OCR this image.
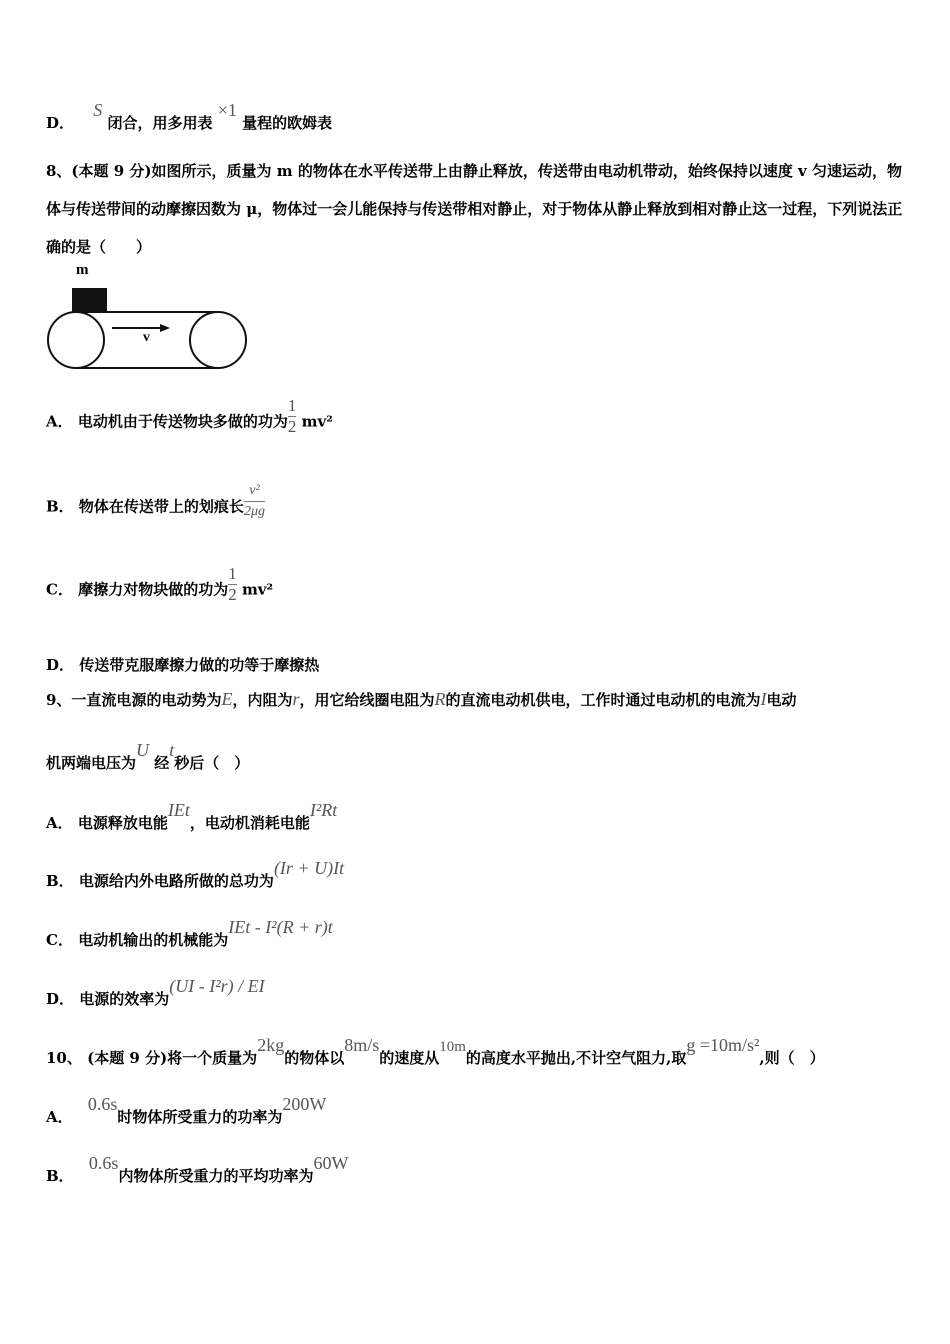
D． S 闭合，用多用表 ×1 量程的欧姆表
8、(本题 9 分)如图所示，质量为 m 的物体在水平传送带上由静止释放，传送带由电动机带动，始终保持以速度 v 匀速运动，物体与传送带间的动摩擦因数为 μ，物体过一会儿能保持与传送带相对静止，对于物体从静止释放到相对静止这一过程，下列说法正确的是（　　）
m
v
A． 电动机由于传送物块多做的功为 $\frac{1}{2} mv^2$
B． 物体在传送带上的划痕长 $\frac{\text{v²}}{2\mu g}$
C． 摩擦力对物块做的功为 $\frac{1}{2} mv^2$
D． 传送带克服摩擦力做的功等于摩擦热
9、一直流电源的电动势为E，内阻为r，用它给线圈电阻为R的直流电动机供电，工作时通过电动机的电流为I电动
机两端电压为U 经t秒后（　）
A． 电源释放电能IEt，电动机消耗电能I²Rt
B． 电源给内外电路所做的总功为(Ir + U)It
C． 电动机输出的机械能为IEt - I²(R + r)t
D． 电源的效率为(UI - I²r) / EI
10、 (本题 9 分)将一个质量为2kg的物体以8m/s的速度从10m的高度水平抛出,不计空气阻力,取g =10m/s²,则（　）
A． 0.6s时物体所受重力的功率为200W
B． 0.6s内物体所受重力的平均功率为60W
